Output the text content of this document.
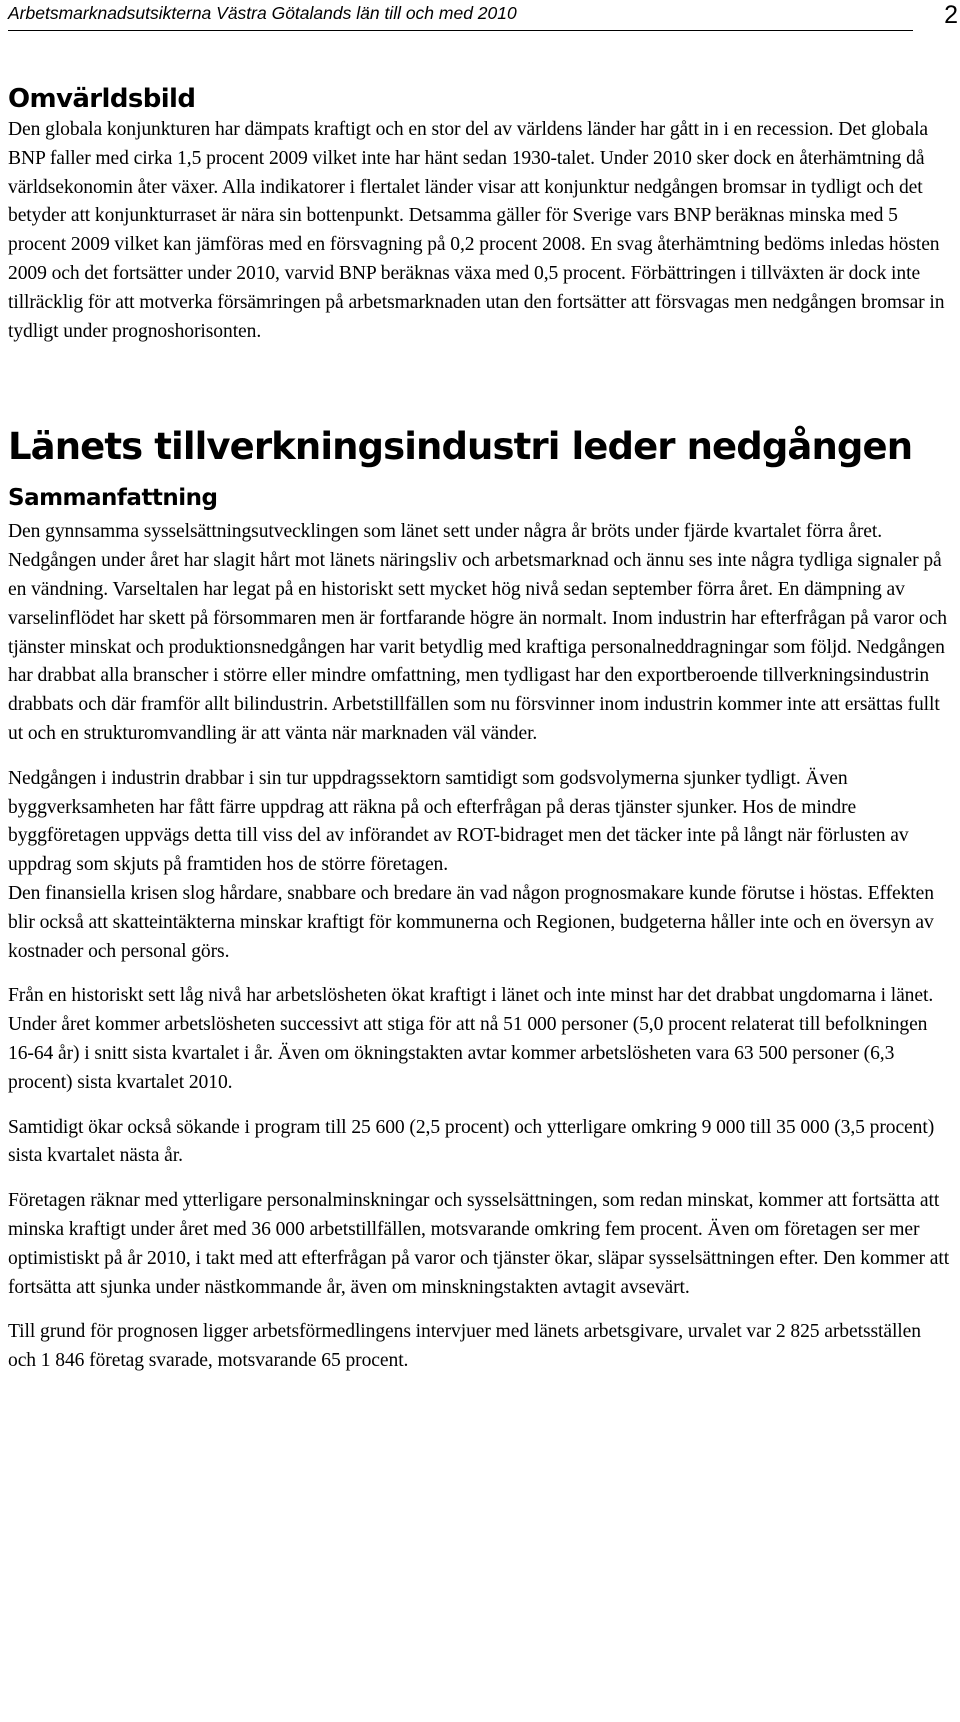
Arbetsmarknadsutsikterna Västra Götalands län till och med 2010	2
Omvärldsbild

Den globala konjunkturen har dämpats kraftigt och en stor del av världens länder har gått in i en recession. Det globala BNP faller med cirka 1,5 procent 2009 vilket inte har hänt sedan 1930-talet. Under 2010 sker dock en återhämtning då världsekonomin åter växer. Alla indikatorer i flertalet länder visar att konjunktur nedgången bromsar in tydligt och det betyder att konjunkturraset är nära sin bottenpunkt. Detsamma gäller för Sverige vars BNP beräknas minska med 5 procent 2009 vilket kan jämföras med en försvagning på 0,2 procent 2008. En svag återhämtning bedöms inledas hösten 2009 och det fortsätter under 2010, varvid BNP beräknas växa med 0,5 procent. Förbättringen i tillväxten är dock inte tillräcklig för att motverka försämringen på arbetsmarknaden utan den fortsätter att försvagas men nedgången bromsar in tydligt under prognoshorisonten.

Länets tillverkningsindustri leder nedgången
Sammanfattning

Den gynnsamma sysselsättningsutvecklingen som länet sett under några år bröts under fjärde kvartalet förra året. Nedgången under året har slagit hårt mot länets näringsliv och arbetsmarknad och ännu ses inte några tydliga signaler på en vändning. Varseltalen har legat på en historiskt sett mycket hög nivå sedan september förra året. En dämpning av varselinflödet har skett på försommaren men är fortfarande högre än normalt. Inom industrin har efterfrågan på varor och tjänster minskat och produktionsnedgången har varit betydlig med kraftiga personalneddragningar som följd. Nedgången har drabbat alla branscher i större eller mindre omfattning, men tydligast har den exportberoende tillverkningsindustrin drabbats och där framför allt bilindustrin. Arbetstillfällen som nu försvinner inom industrin kommer inte att ersättas fullt ut och en strukturomvandling är att vänta när marknaden väl vänder.

Nedgången i industrin drabbar i sin tur uppdragssektorn samtidigt som godsvolymerna sjunker tydligt. Även byggverksamheten har fått färre uppdrag att räkna på och efterfrågan på deras tjänster sjunker. Hos de mindre byggföretagen uppvägs detta till viss del av införandet av ROT-bidraget men det täcker inte på långt när förlusten av uppdrag som skjuts på framtiden hos de större företagen.

Den finansiella krisen slog hårdare, snabbare och bredare än vad någon prognosmakare kunde förutse i höstas. Effekten blir också att skatteintäkterna minskar kraftigt för kommunerna och Regionen, budgeterna håller inte och en översyn av kostnader och personal görs.

Från en historiskt sett låg nivå har arbetslösheten ökat kraftigt i länet och inte minst har det drabbat ungdomarna i länet. Under året kommer arbetslösheten successivt att stiga för att nå 51 000 personer (5,0 procent relaterat till befolkningen 16-64 år) i snitt sista kvartalet i år. Även om ökningstakten avtar kommer arbetslösheten vara 63 500 personer (6,3 procent) sista kvartalet 2010.

Samtidigt ökar också sökande i program till 25 600 (2,5 procent) och ytterligare omkring 9 000 till 35 000 (3,5 procent) sista kvartalet nästa år.

Företagen räknar med ytterligare personalminskningar och sysselsättningen, som redan minskat, kommer att fortsätta att minska kraftigt under året med 36 000 arbetstillfällen, motsvarande omkring fem procent. Även om företagen ser mer optimistiskt på år 2010, i takt med att efterfrågan på varor och tjänster ökar, släpar sysselsättningen efter. Den kommer att fortsätta att sjunka under nästkommande år, även om minskningstakten avtagit avsevärt.

Till grund för prognosen ligger arbetsförmedlingens intervjuer med länets arbetsgivare, urvalet var 2 825 arbetsställen och 1 846 företag svarade, motsvarande 65 procent.
